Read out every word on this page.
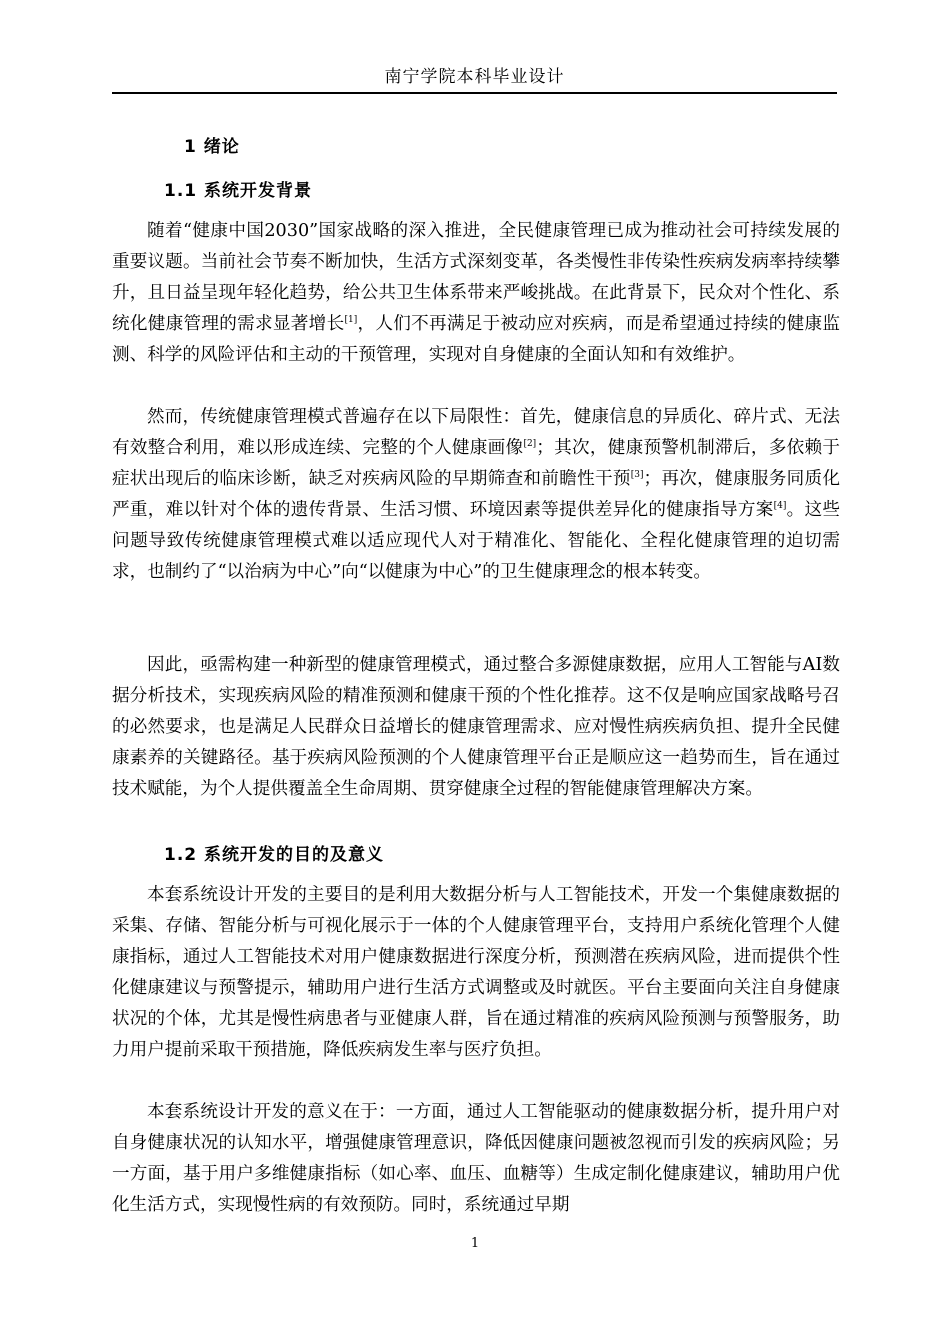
南宁学院本科毕业设计
1 绪论
1.1 系统开发背景

随着“健康中国2030”国家战略的深入推进，全民健康管理已成为推动社会可持续发展的重要议题。当前社会节奏不断加快，生活方式深刻变革，各类慢性非传染性疾病发病率持续攀升，且日益呈现年轻化趋势，给公共卫生体系带来严峻挑战。在此背景下，民众对个性化、系统化健康管理的需求显著增长[1]，人们不再满足于被动应对疾病，而是希望通过持续的健康监测、科学的风险评估和主动的干预管理，实现对自身健康的全面认知和有效维护。

然而，传统健康管理模式普遍存在以下局限性：首先，健康信息的异质化、碎片式、无法有效整合利用，难以形成连续、完整的个人健康画像[2]；其次，健康预警机制滞后，多依赖于症状出现后的临床诊断，缺乏对疾病风险的早期筛查和前瞻性干预[3]；再次，健康服务同质化严重，难以针对个体的遗传背景、生活习惯、环境因素等提供差异化的健康指导方案[4]。这些问题导致传统健康管理模式难以适应现代人对于精准化、智能化、全程化健康管理的迫切需求，也制约了“以治病为中心”向“以健康为中心”的卫生健康理念的根本转变。

因此，亟需构建一种新型的健康管理模式，通过整合多源健康数据，应用人工智能与AI数据分析技术，实现疾病风险的精准预测和健康干预的个性化推荐。这不仅是响应国家战略号召的必然要求，也是满足人民群众日益增长的健康管理需求、应对慢性病疾病负担、提升全民健康素养的关键路径。基于疾病风险预测的个人健康管理平台正是顺应这一趋势而生，旨在通过技术赋能，为个人提供覆盖全生命周期、贯穿健康全过程的智能健康管理解决方案。

1.2 系统开发的目的及意义

本套系统设计开发的主要目的是利用大数据分析与人工智能技术，开发一个集健康数据的采集、存储、智能分析与可视化展示于一体的个人健康管理平台，支持用户系统化管理个人健康指标，通过人工智能技术对用户健康数据进行深度分析，预测潜在疾病风险，进而提供个性化健康建议与预警提示，辅助用户进行生活方式调整或及时就医。平台主要面向关注自身健康状况的个体，尤其是慢性病患者与亚健康人群，旨在通过精准的疾病风险预测与预警服务，助力用户提前采取干预措施，降低疾病发生率与医疗负担。

本套系统设计开发的意义在于：一方面，通过人工智能驱动的健康数据分析，提升用户对自身健康状况的认知水平，增强健康管理意识，降低因健康问题被忽视而引发的疾病风险；另一方面，基于用户多维健康指标（如心率、血压、血糖等）生成定制化健康建议，辅助用户优化生活方式，实现慢性病的有效预防。同时，系统通过早期

1
